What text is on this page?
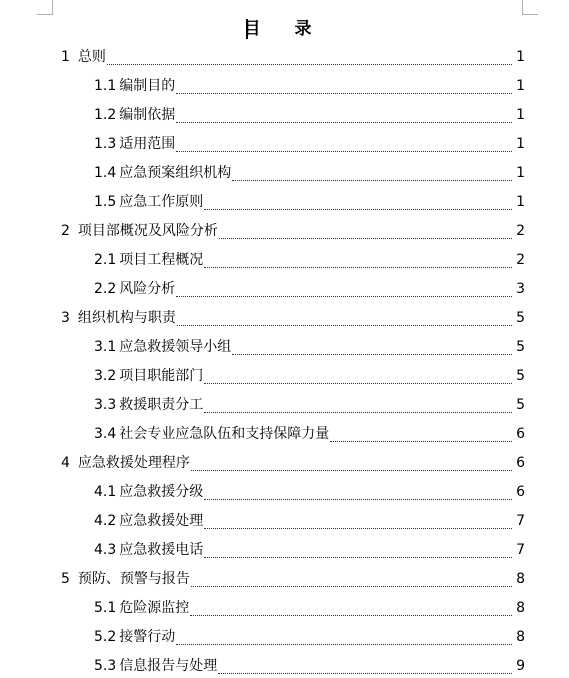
目 录
1 总则	1
1.1 编制目的	1
1.2 编制依据	1
1.3 适用范围	1
1.4 应急预案组织机构	1
1.5 应急工作原则	1
2 项目部概况及风险分析	2
2.1 项目工程概况	2
2.2 风险分析	3
3 组织机构与职责	5
3.1 应急救援领导小组	5
3.2 项目职能部门	5
3.3 救援职责分工	5
3.4 社会专业应急队伍和支持保障力量	6
4 应急救援处理程序	6
4.1 应急救援分级	6
4.2 应急救援处理	7
4.3 应急救援电话	7
5 预防、预警与报告	8
5.1 危险源监控	8
5.2 接警行动	8
5.3 信息报告与处理	9
